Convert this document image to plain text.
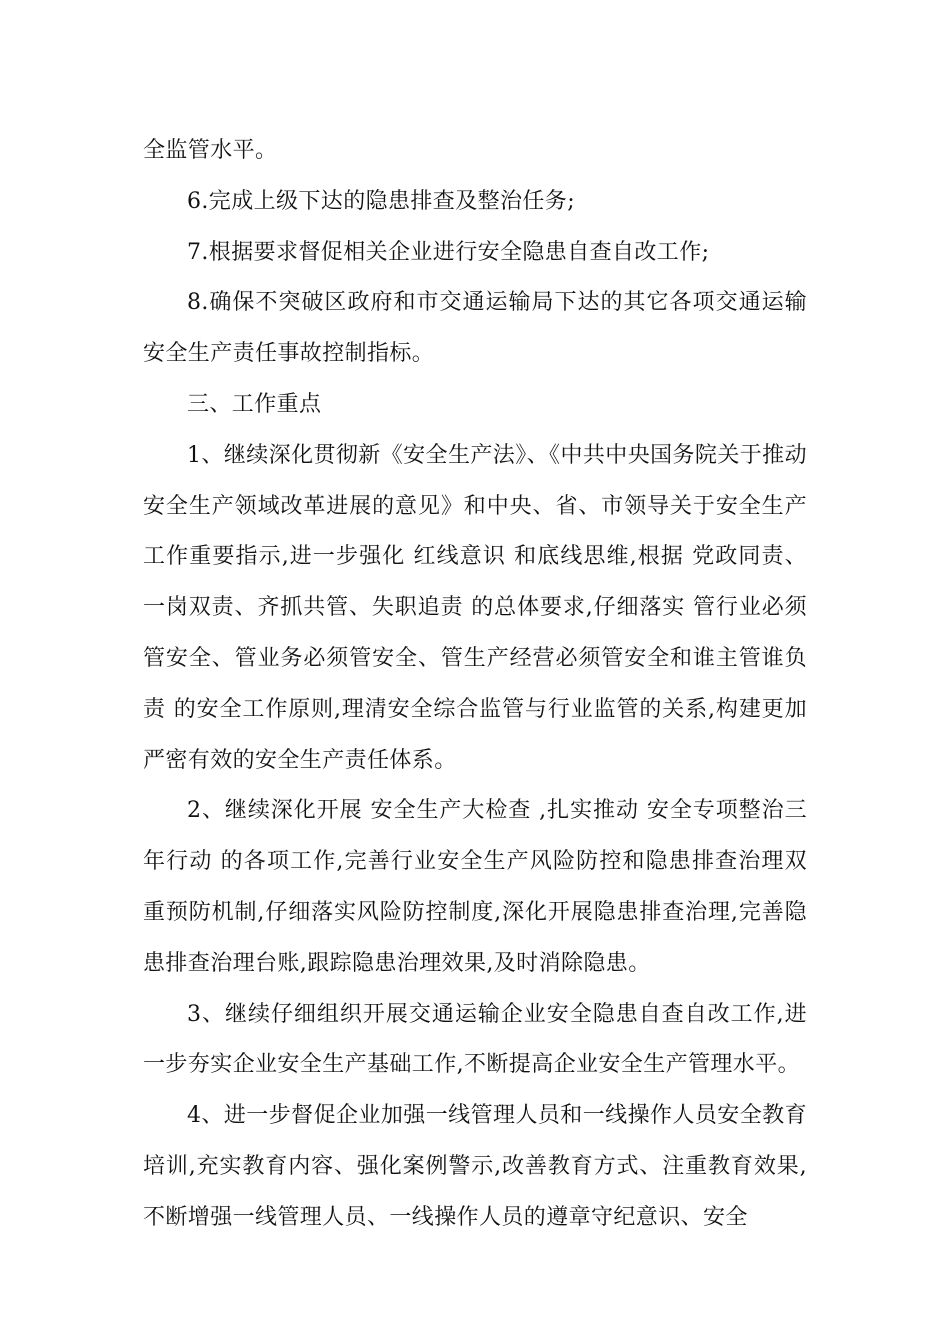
全监管水平。

6.完成上级下达的隐患排查及整治任务;

7.根据要求督促相关企业进行安全隐患自查自改工作;

8.确保不突破区政府和市交通运输局下达的其它各项交通运输安全生产责任事故控制指标。

三、工作重点

1、继续深化贯彻新《安全生产法》、《中共中央国务院关于推动安全生产领域改革进展的意见》和中央、省、市领导关于安全生产工作重要指示,进一步强化 红线意识 和底线思维,根据 党政同责、一岗双责、齐抓共管、失职追责 的总体要求,仔细落实 管行业必须管安全、管业务必须管安全、管生产经营必须管安全和谁主管谁负责 的安全工作原则,理清安全综合监管与行业监管的关系,构建更加严密有效的安全生产责任体系。

2、继续深化开展 安全生产大检查 ,扎实推动 安全专项整治三年行动 的各项工作,完善行业安全生产风险防控和隐患排查治理双重预防机制,仔细落实风险防控制度,深化开展隐患排查治理,完善隐患排查治理台账,跟踪隐患治理效果,及时消除隐患。

3、继续仔细组织开展交通运输企业安全隐患自查自改工作,进一步夯实企业安全生产基础工作,不断提高企业安全生产管理水平。

4、进一步督促企业加强一线管理人员和一线操作人员安全教育培训,充实教育内容、强化案例警示,改善教育方式、注重教育效果,不断增强一线管理人员、一线操作人员的遵章守纪意识、安全
